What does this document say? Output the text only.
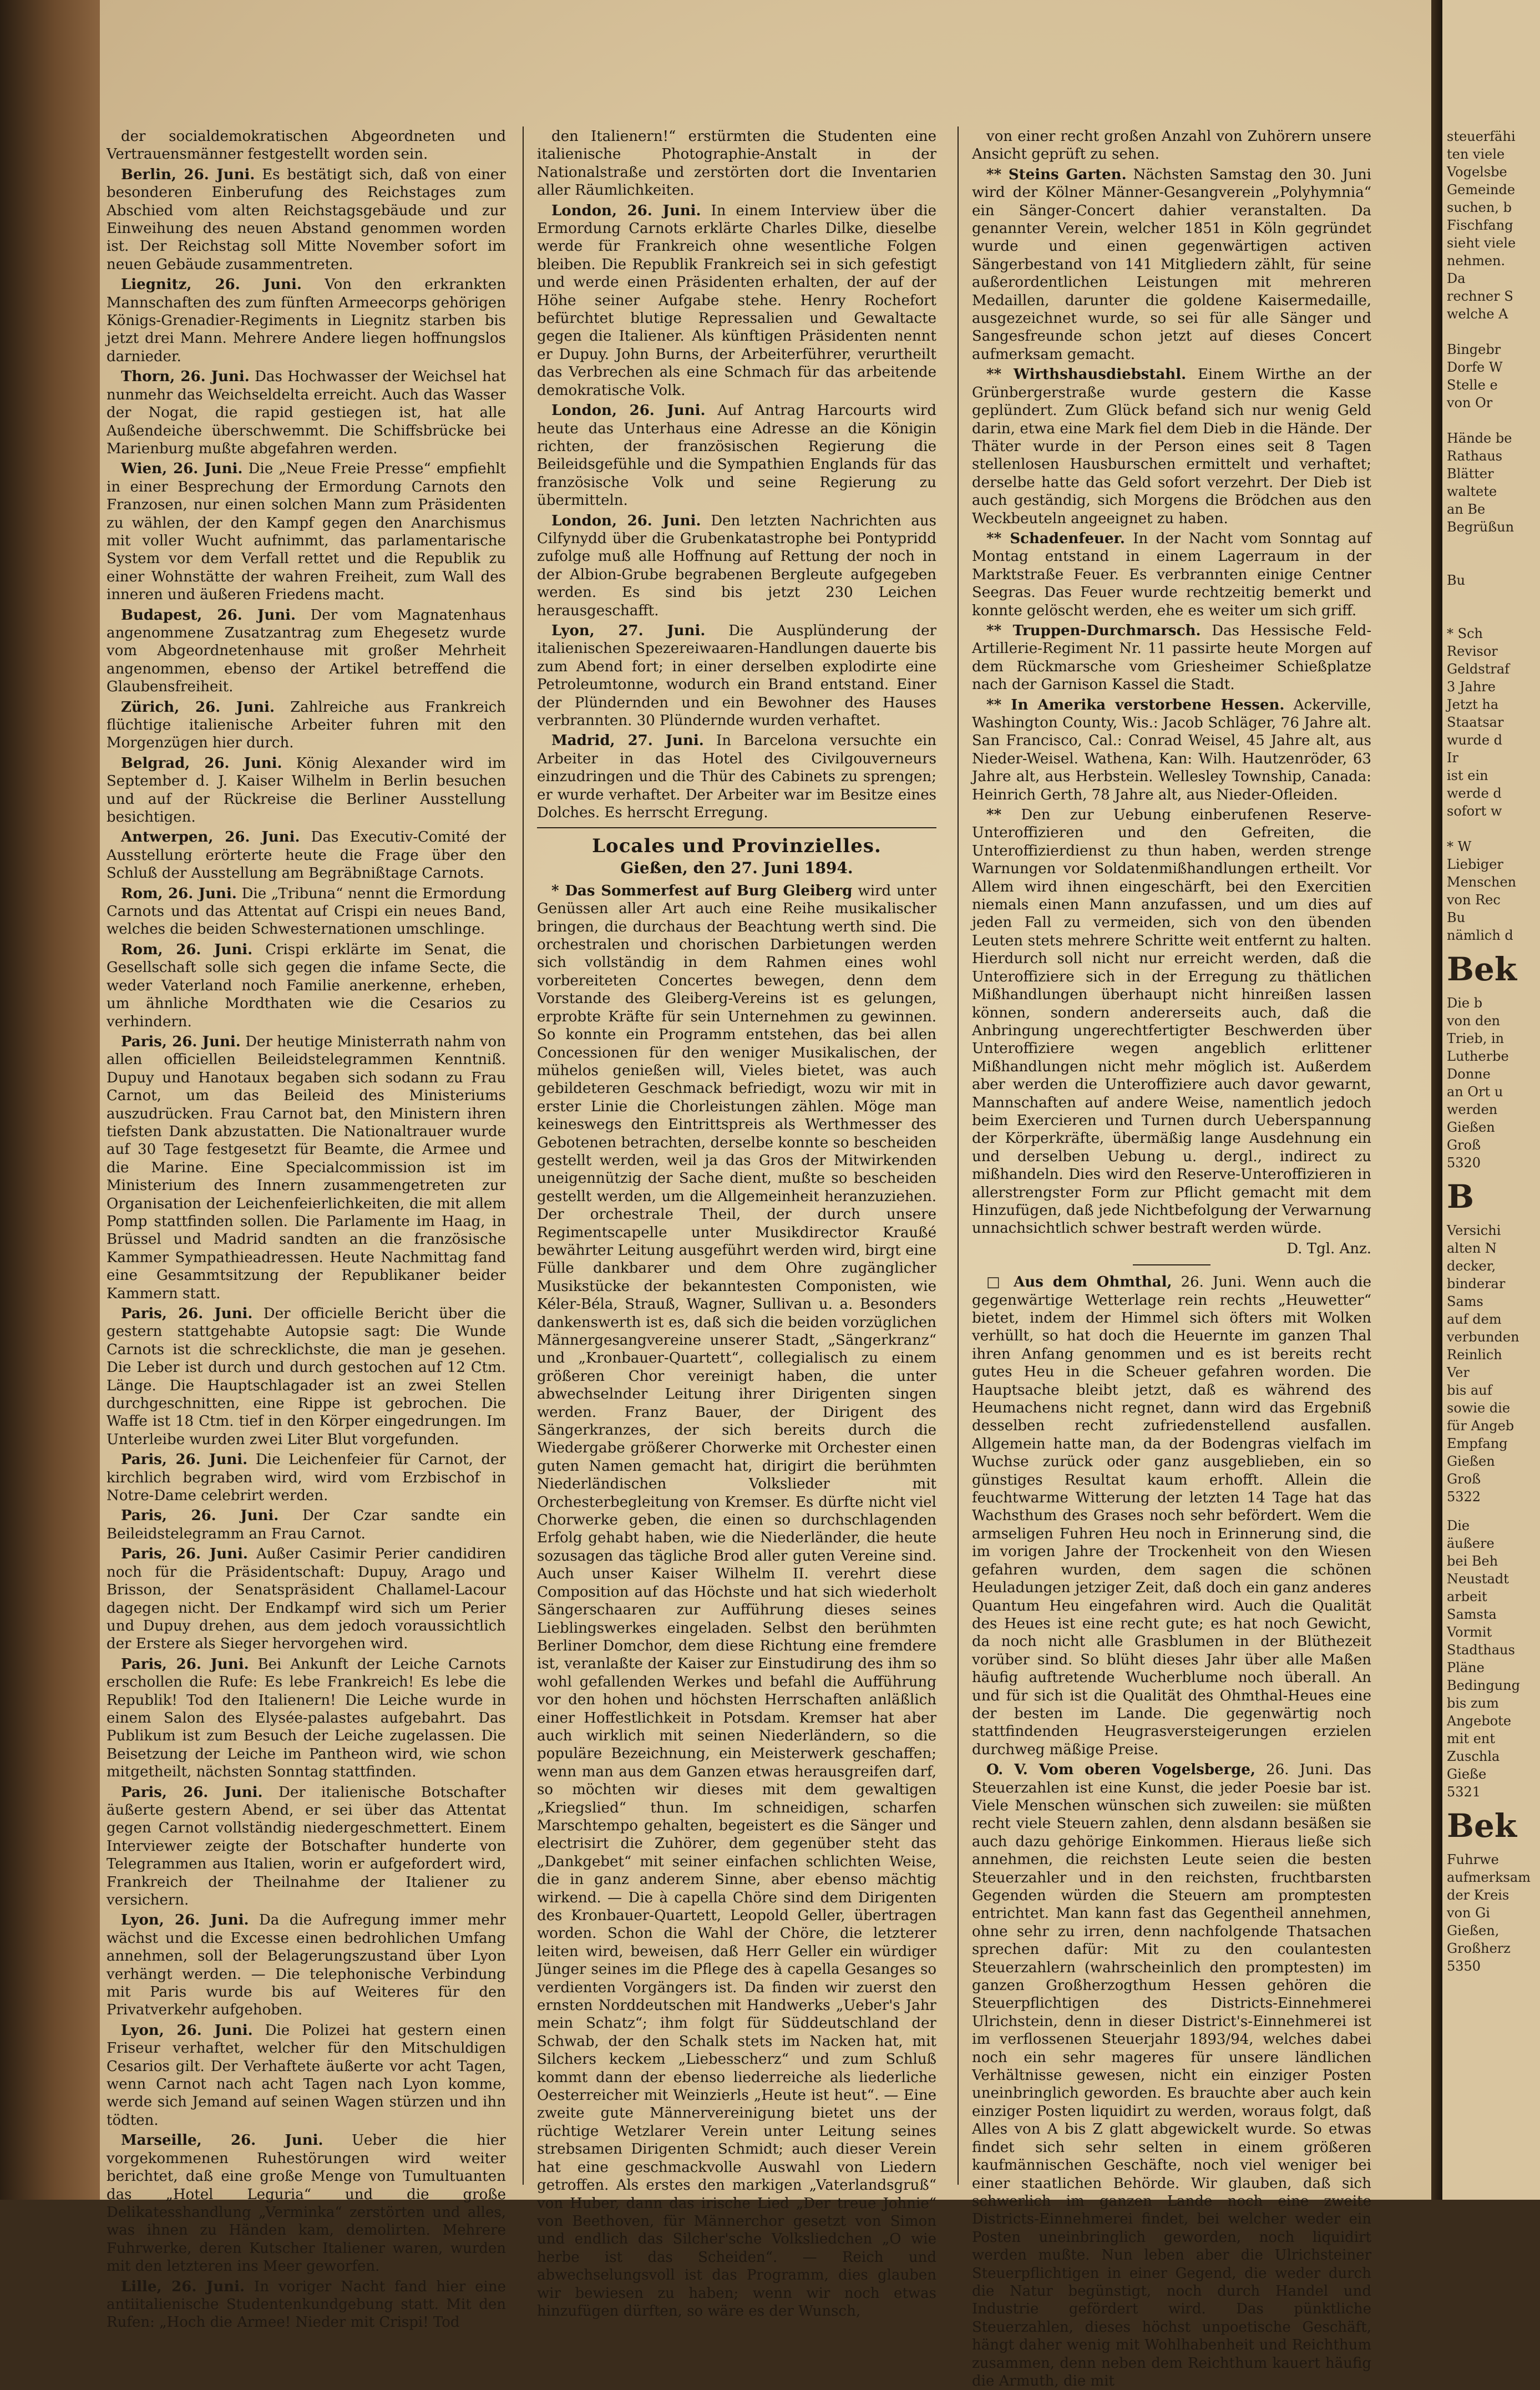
der socialdemokratischen Abgeordneten und Vertrauensmänner festgestellt worden sein.

Berlin, 26. Juni. Es bestätigt sich, daß von einer besonderen Einberufung des Reichstages zum Abschied vom alten Reichstagsgebäude und zur Einweihung des neuen Abstand genommen worden ist. Der Reichstag soll Mitte November sofort im neuen Gebäude zusammentreten.

Liegnitz, 26. Juni. Von den erkrankten Mannschaften des zum fünften Armeecorps gehörigen Königs-Grenadier-Regiments in Liegnitz starben bis jetzt drei Mann. Mehrere Andere liegen hoffnungslos darnieder.

Thorn, 26. Juni. Das Hochwasser der Weichsel hat nunmehr das Weichseldelta erreicht. Auch das Wasser der Nogat, die rapid gestiegen ist, hat alle Außendeiche überschwemmt. Die Schiffsbrücke bei Marienburg mußte abgefahren werden.

Wien, 26. Juni. Die „Neue Freie Presse“ empfiehlt in einer Besprechung der Ermordung Carnots den Franzosen, nur einen solchen Mann zum Präsidenten zu wählen, der den Kampf gegen den Anarchismus mit voller Wucht aufnimmt, das parlamentarische System vor dem Verfall rettet und die Republik zu einer Wohnstätte der wahren Freiheit, zum Wall des inneren und äußeren Friedens macht.

Budapest, 26. Juni. Der vom Magnatenhaus angenommene Zusatzantrag zum Ehegesetz wurde vom Abgeordnetenhause mit großer Mehrheit angenommen, ebenso der Artikel betreffend die Glaubensfreiheit.

Zürich, 26. Juni. Zahlreiche aus Frankreich flüchtige italienische Arbeiter fuhren mit den Morgenzügen hier durch.

Belgrad, 26. Juni. König Alexander wird im September d. J. Kaiser Wilhelm in Berlin besuchen und auf der Rückreise die Berliner Ausstellung besichtigen.

Antwerpen, 26. Juni. Das Executiv-Comité der Ausstellung erörterte heute die Frage über den Schluß der Ausstellung am Begräbnißtage Carnots.

Rom, 26. Juni. Die „Tribuna“ nennt die Ermordung Carnots und das Attentat auf Crispi ein neues Band, welches die beiden Schwesternationen umschlinge.

Rom, 26. Juni. Crispi erklärte im Senat, die Gesellschaft solle sich gegen die infame Secte, die weder Vaterland noch Familie anerkenne, erheben, um ähnliche Mordthaten wie die Cesarios zu verhindern.

Paris, 26. Juni. Der heutige Ministerrath nahm von allen officiellen Beileidstelegrammen Kenntniß. Dupuy und Hanotaux begaben sich sodann zu Frau Carnot, um das Beileid des Ministeriums auszudrücken. Frau Carnot bat, den Ministern ihren tiefsten Dank abzustatten. Die Nationaltrauer wurde auf 30 Tage festgesetzt für Beamte, die Armee und die Marine. Eine Specialcommission ist im Ministerium des Innern zusammengetreten zur Organisation der Leichenfeierlichkeiten, die mit allem Pomp stattfinden sollen. Die Parlamente im Haag, in Brüssel und Madrid sandten an die französische Kammer Sympathieadressen. Heute Nachmittag fand eine Gesammtsitzung der Republikaner beider Kammern statt.

Paris, 26. Juni. Der officielle Bericht über die gestern stattgehabte Autopsie sagt: Die Wunde Carnots ist die schrecklichste, die man je gesehen. Die Leber ist durch und durch gestochen auf 12 Ctm. Länge. Die Hauptschlagader ist an zwei Stellen durchgeschnitten, eine Rippe ist gebrochen. Die Waffe ist 18 Ctm. tief in den Körper eingedrungen. Im Unterleibe wurden zwei Liter Blut vorgefunden.

Paris, 26. Juni. Die Leichenfeier für Carnot, der kirchlich begraben wird, wird vom Erzbischof in Notre-Dame celebrirt werden.

Paris, 26. Juni. Der Czar sandte ein Beileidstelegramm an Frau Carnot.

Paris, 26. Juni. Außer Casimir Perier candidiren noch für die Präsidentschaft: Dupuy, Arago und Brisson, der Senatspräsident Challamel-Lacour dagegen nicht. Der Endkampf wird sich um Perier und Dupuy drehen, aus dem jedoch voraussichtlich der Erstere als Sieger hervorgehen wird.

Paris, 26. Juni. Bei Ankunft der Leiche Carnots erschollen die Rufe: Es lebe Frankreich! Es lebe die Republik! Tod den Italienern! Die Leiche wurde in einem Salon des Elysée-palastes aufgebahrt. Das Publikum ist zum Besuch der Leiche zugelassen. Die Beisetzung der Leiche im Pantheon wird, wie schon mitgetheilt, nächsten Sonntag stattfinden.

Paris, 26. Juni. Der italienische Botschafter äußerte gestern Abend, er sei über das Attentat gegen Carnot vollständig niedergeschmettert. Einem Interviewer zeigte der Botschafter hunderte von Telegrammen aus Italien, worin er aufgefordert wird, Frankreich der Theilnahme der Italiener zu versichern.

Lyon, 26. Juni. Da die Aufregung immer mehr wächst und die Excesse einen bedrohlichen Umfang annehmen, soll der Belagerungszustand über Lyon verhängt werden. — Die telephonische Verbindung mit Paris wurde bis auf Weiteres für den Privatverkehr aufgehoben.

Lyon, 26. Juni. Die Polizei hat gestern einen Friseur verhaftet, welcher für den Mitschuldigen Cesarios gilt. Der Verhaftete äußerte vor acht Tagen, wenn Carnot nach acht Tagen nach Lyon komme, werde sich Jemand auf seinen Wagen stürzen und ihn tödten.

Marseille, 26. Juni. Ueber die hier vorgekommenen Ruhestörungen wird weiter berichtet, daß eine große Menge von Tumultuanten das „Hotel Leguria“ und die große Delikatesshandlung „Verminka“ zerstörten und alles, was ihnen zu Händen kam, demolirten. Mehrere Fuhrwerke, deren Kutscher Italiener waren, wurden mit den letzteren ins Meer geworfen.

Lille, 26. Juni. In voriger Nacht fand hier eine antiitalienische Studentenkundgebung statt. Mit den Rufen: „Hoch die Armee! Nieder mit Crispi! Tod

den Italienern!“ erstürmten die Studenten eine italienische Photographie-Anstalt in der Nationalstraße und zerstörten dort die Inventarien aller Räumlichkeiten.

London, 26. Juni. In einem Interview über die Ermordung Carnots erklärte Charles Dilke, dieselbe werde für Frankreich ohne wesentliche Folgen bleiben. Die Republik Frankreich sei in sich gefestigt und werde einen Präsidenten erhalten, der auf der Höhe seiner Aufgabe stehe. Henry Rochefort befürchtet blutige Repressalien und Gewaltacte gegen die Italiener. Als künftigen Präsidenten nennt er Dupuy. John Burns, der Arbeiterführer, verurtheilt das Verbrechen als eine Schmach für das arbeitende demokratische Volk.

London, 26. Juni. Auf Antrag Harcourts wird heute das Unterhaus eine Adresse an die Königin richten, der französischen Regierung die Beileidsgefühle und die Sympathien Englands für das französische Volk und seine Regierung zu übermitteln.

London, 26. Juni. Den letzten Nachrichten aus Cilfynydd über die Grubenkatastrophe bei Pontypridd zufolge muß alle Hoffnung auf Rettung der noch in der Albion-Grube begrabenen Bergleute aufgegeben werden. Es sind bis jetzt 230 Leichen herausgeschafft.

Lyon, 27. Juni. Die Ausplünderung der italienischen Spezereiwaaren-Handlungen dauerte bis zum Abend fort; in einer derselben explodirte eine Petroleumtonne, wodurch ein Brand entstand. Einer der Plündernden und ein Bewohner des Hauses verbrannten. 30 Plündernde wurden verhaftet.

Madrid, 27. Juni. In Barcelona versuchte ein Arbeiter in das Hotel des Civilgouverneurs einzudringen und die Thür des Cabinets zu sprengen; er wurde verhaftet. Der Arbeiter war im Besitze eines Dolches. Es herrscht Erregung.

Locales und Provinzielles.
Gießen, den 27. Juni 1894.

* Das Sommerfest auf Burg Gleiberg wird unter Genüssen aller Art auch eine Reihe musikalischer bringen, die durchaus der Beachtung werth sind. Die orchestralen und chorischen Darbietungen werden sich vollständig in dem Rahmen eines wohl vorbereiteten Concertes bewegen, denn dem Vorstande des Gleiberg-Vereins ist es gelungen, erprobte Kräfte für sein Unternehmen zu gewinnen. So konnte ein Programm entstehen, das bei allen Concessionen für den weniger Musikalischen, der mühelos genießen will, Vieles bietet, was auch gebildeteren Geschmack befriedigt, wozu wir mit in erster Linie die Chorleistungen zählen. Möge man keineswegs den Eintrittspreis als Werthmesser des Gebotenen betrachten, derselbe konnte so bescheiden gestellt werden, weil ja das Gros der Mitwirkenden uneigennützig der Sache dient, mußte so bescheiden gestellt werden, um die Allgemeinheit heranzuziehen. Der orchestrale Theil, der durch unsere Regimentscapelle unter Musikdirector Kraußé bewährter Leitung ausgeführt werden wird, birgt eine Fülle dankbarer und dem Ohre zugänglicher Musikstücke der bekanntesten Componisten, wie Kéler-Béla, Strauß, Wagner, Sullivan u. a. Besonders dankenswerth ist es, daß sich die beiden vorzüglichen Männergesangvereine unserer Stadt, „Sängerkranz“ und „Kronbauer-Quartett“, collegialisch zu einem größeren Chor vereinigt haben, die unter abwechselnder Leitung ihrer Dirigenten singen werden. Franz Bauer, der Dirigent des Sängerkranzes, der sich bereits durch die Wiedergabe größerer Chorwerke mit Orchester einen guten Namen gemacht hat, dirigirt die berühmten Niederländischen Volkslieder mit Orchesterbegleitung von Kremser. Es dürfte nicht viel Chorwerke geben, die einen so durchschlagenden Erfolg gehabt haben, wie die Niederländer, die heute sozusagen das tägliche Brod aller guten Vereine sind. Auch unser Kaiser Wilhelm II. verehrt diese Composition auf das Höchste und hat sich wiederholt Sängerschaaren zur Aufführung dieses seines Lieblingswerkes eingeladen. Selbst den berühmten Berliner Domchor, dem diese Richtung eine fremdere ist, veranlaßte der Kaiser zur Einstudirung des ihm so wohl gefallenden Werkes und befahl die Aufführung vor den hohen und höchsten Herrschaften anläßlich einer Hoffestlichkeit in Potsdam. Kremser hat aber auch wirklich mit seinen Niederländern, so die populäre Bezeichnung, ein Meisterwerk geschaffen; wenn man aus dem Ganzen etwas herausgreifen darf, so möchten wir dieses mit dem gewaltigen „Kriegslied“ thun. Im schneidigen, scharfen Marschtempo gehalten, begeistert es die Sänger und electrisirt die Zuhörer, dem gegenüber steht das „Dankgebet“ mit seiner einfachen schlichten Weise, die in ganz anderem Sinne, aber ebenso mächtig wirkend. — Die à capella Chöre sind dem Dirigenten des Kronbauer-Quartett, Leopold Geller, übertragen worden. Schon die Wahl der Chöre, die letzterer leiten wird, beweisen, daß Herr Geller ein würdiger Jünger seines im die Pflege des à capella Gesanges so verdienten Vorgängers ist. Da finden wir zuerst den ernsten Norddeutschen mit Handwerks „Ueber's Jahr mein Schatz“; ihm folgt für Süddeutschland der Schwab, der den Schalk stets im Nacken hat, mit Silchers keckem „Liebesscherz“ und zum Schluß kommt dann der ebenso liederreiche als liederliche Oesterreicher mit Weinzierls „Heute ist heut“. — Eine zweite gute Männervereinigung bietet uns der rüchtige Wetzlarer Verein unter Leitung seines strebsamen Dirigenten Schmidt; auch dieser Verein hat eine geschmackvolle Auswahl von Liedern getroffen. Als erstes den markigen „Vaterlandsgruß“ von Huber, dann das irische Lied „Der treue Johnie“ von Beethoven, für Männerchor gesetzt von Simon und endlich das Silcher'sche Volksliedchen „O wie herbe ist das Scheiden“. — Reich und abwechselungsvoll ist das Programm, dies glauben wir bewiesen zu haben; wenn wir noch etwas hinzufügen dürften, so wäre es der Wunsch,

von einer recht großen Anzahl von Zuhörern unsere Ansicht geprüft zu sehen.

** Steins Garten. Nächsten Samstag den 30. Juni wird der Kölner Männer-Gesangverein „Polyhymnia“ ein Sänger-Concert dahier veranstalten. Da genannter Verein, welcher 1851 in Köln gegründet wurde und einen gegenwärtigen activen Sängerbestand von 141 Mitgliedern zählt, für seine außerordentlichen Leistungen mit mehreren Medaillen, darunter die goldene Kaisermedaille, ausgezeichnet wurde, so sei für alle Sänger und Sangesfreunde schon jetzt auf dieses Concert aufmerksam gemacht.

** Wirthshausdiebstahl. Einem Wirthe an der Grünbergerstraße wurde gestern die Kasse geplündert. Zum Glück befand sich nur wenig Geld darin, etwa eine Mark fiel dem Dieb in die Hände. Der Thäter wurde in der Person eines seit 8 Tagen stellenlosen Hausburschen ermittelt und verhaftet; derselbe hatte das Geld sofort verzehrt. Der Dieb ist auch geständig, sich Morgens die Brödchen aus den Weckbeuteln angeeignet zu haben.

** Schadenfeuer. In der Nacht vom Sonntag auf Montag entstand in einem Lagerraum in der Marktstraße Feuer. Es verbrannten einige Centner Seegras. Das Feuer wurde rechtzeitig bemerkt und konnte gelöscht werden, ehe es weiter um sich griff.

** Truppen-Durchmarsch. Das Hessische Feld-Artillerie-Regiment Nr. 11 passirte heute Morgen auf dem Rückmarsche vom Griesheimer Schießplatze nach der Garnison Kassel die Stadt.

** In Amerika verstorbene Hessen. Ackerville, Washington County, Wis.: Jacob Schläger, 76 Jahre alt. San Francisco, Cal.: Conrad Weisel, 45 Jahre alt, aus Nieder-Weisel. Wathena, Kan: Wilh. Hautzenröder, 63 Jahre alt, aus Herbstein. Wellesley Township, Canada: Heinrich Gerth, 78 Jahre alt, aus Nieder-Ofleiden.

** Den zur Uebung einberufenen Reserve-Unteroffizieren und den Gefreiten, die Unteroffizierdienst zu thun haben, werden strenge Warnungen vor Soldatenmißhandlungen ertheilt. Vor Allem wird ihnen eingeschärft, bei den Exercitien niemals einen Mann anzufassen, und um dies auf jeden Fall zu vermeiden, sich von den übenden Leuten stets mehrere Schritte weit entfernt zu halten. Hierdurch soll nicht nur erreicht werden, daß die Unteroffiziere sich in der Erregung zu thätlichen Mißhandlungen überhaupt nicht hinreißen lassen können, sondern andererseits auch, daß die Anbringung ungerechtfertigter Beschwerden über Unteroffiziere wegen angeblich erlittener Mißhandlungen nicht mehr möglich ist. Außerdem aber werden die Unteroffiziere auch davor gewarnt, Mannschaften auf andere Weise, namentlich jedoch beim Exercieren und Turnen durch Ueberspannung der Körperkräfte, übermäßig lange Ausdehnung ein und derselben Uebung u. dergl., indirect zu mißhandeln. Dies wird den Reserve-Unteroffizieren in allerstrengster Form zur Pflicht gemacht mit dem Hinzufügen, daß jede Nichtbefolgung der Verwarnung unnachsichtlich schwer bestraft werden würde.

D. Tgl. Anz.

□ Aus dem Ohmthal, 26. Juni. Wenn auch die gegenwärtige Wetterlage rein rechts „Heuwetter“ bietet, indem der Himmel sich öfters mit Wolken verhüllt, so hat doch die Heuernte im ganzen Thal ihren Anfang genommen und es ist bereits recht gutes Heu in die Scheuer gefahren worden. Die Hauptsache bleibt jetzt, daß es während des Heumachens nicht regnet, dann wird das Ergebniß desselben recht zufriedenstellend ausfallen. Allgemein hatte man, da der Bodengras vielfach im Wuchse zurück oder ganz ausgeblieben, ein so günstiges Resultat kaum erhofft. Allein die feuchtwarme Witterung der letzten 14 Tage hat das Wachsthum des Grases noch sehr befördert. Wem die armseligen Fuhren Heu noch in Erinnerung sind, die im vorigen Jahre der Trockenheit von den Wiesen gefahren wurden, dem sagen die schönen Heuladungen jetziger Zeit, daß doch ein ganz anderes Quantum Heu eingefahren wird. Auch die Qualität des Heues ist eine recht gute; es hat noch Gewicht, da noch nicht alle Grasblumen in der Blüthezeit vorüber sind. So blüht dieses Jahr über alle Maßen häufig auftretende Wucherblume noch überall. An und für sich ist die Qualität des Ohmthal-Heues eine der besten im Lande. Die gegenwärtig noch stattfindenden Heugrasversteigerungen erzielen durchweg mäßige Preise.

O. V. Vom oberen Vogelsberge, 26. Juni. Das Steuerzahlen ist eine Kunst, die jeder Poesie bar ist. Viele Menschen wünschen sich zuweilen: sie müßten recht viele Steuern zahlen, denn alsdann besäßen sie auch dazu gehörige Einkommen. Hieraus ließe sich annehmen, die reichsten Leute seien die besten Steuerzahler und in den reichsten, fruchtbarsten Gegenden würden die Steuern am promptesten entrichtet. Man kann fast das Gegentheil annehmen, ohne sehr zu irren, denn nachfolgende Thatsachen sprechen dafür: Mit zu den coulantesten Steuerzahlern (wahrscheinlich den promptesten) im ganzen Großherzogthum Hessen gehören die Steuerpflichtigen des Districts-Einnehmerei Ulrichstein, denn in dieser District's-Einnehmerei ist im verflossenen Steuerjahr 1893/94, welches dabei noch ein sehr mageres für unsere ländlichen Verhältnisse gewesen, nicht ein einziger Posten uneinbringlich geworden. Es brauchte aber auch kein einziger Posten liquidirt zu werden, woraus folgt, daß Alles von A bis Z glatt abgewickelt wurde. So etwas findet sich sehr selten in einem größeren kaufmännischen Geschäfte, noch viel weniger bei einer staatlichen Behörde. Wir glauben, daß sich schwerlich im ganzen Lande noch eine zweite Districts-Einnehmerei findet, bei welcher weder ein Posten uneinbringlich geworden, noch liquidirt werden mußte. Nun leben aber die Ulrichsteiner Steuerpflichtigen in einer Gegend, die weder durch die Natur begünstigt, noch durch Handel und Industrie gefördert wird. Das pünktliche Steuerzahlen, dieses höchst unpoetische Geschäft, hängt daher wenig mit Wohlhabenheit und Reichthum zusammen, denn neben dem Reichthum kauert häufig die Armuth, die mit

steuerfähi
ten viele
Vogelsbe
Gemeinde
suchen, b
Fischfang
sieht viele
nehmen.
Da
rechner S
welche A

Bingebr
Dorfe W
Stelle e
von Or

Hände be
Rathaus
Blätter
waltete
an Be
Begrüßun

Bu

* Sch
Revisor
Geldstraf
3 Jahre
Jetzt ha
Staatsar
wurde d
Ir
ist ein
werde d
sofort w

* W
Liebiger
Menschen
von Rec
Bu
nämlich d
Bek
Die b
von den
Trieb, in
Lutherbe
Donne
an Ort u
werden
Gießen
Groß
5320
B
Versichi
alten N
decker,
binderar
Sams
auf dem
verbunden
Reinlich
Ver
bis auf
sowie die
für Angeb
Empfang
Gießen
Groß
5322
Die
äußere
bei Beh
Neustadt
arbeit
Samsta
Vormit
Stadthaus
Pläne
Bedingung
bis zum
Angebote
mit ent
Zuschla
Gieße
5321
Bek
Fuhrwe
aufmerksam
der Kreis
von Gi
Gießen,
Großherz
5350
